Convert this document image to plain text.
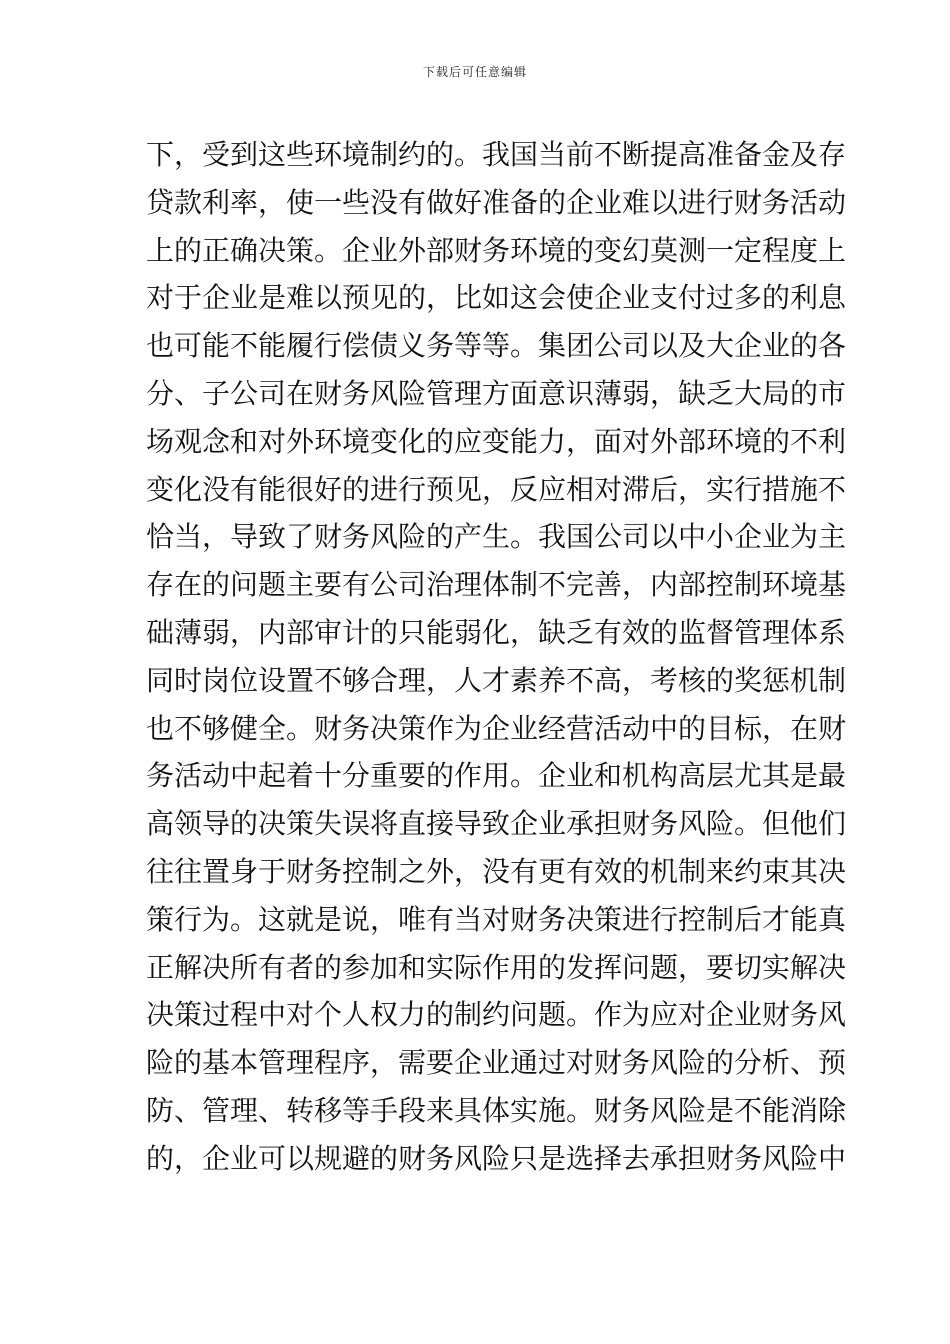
下载后可任意编辑
下，受到这些环境制约的。我国当前不断提高准备金及存
贷款利率，使一些没有做好准备的企业难以进行财务活动
上的正确决策。企业外部财务环境的变幻莫测一定程度上
对于企业是难以预见的，比如这会使企业支付过多的利息
也可能不能履行偿债义务等等。集团公司以及大企业的各
分、子公司在财务风险管理方面意识薄弱，缺乏大局的市
场观念和对外环境变化的应变能力，面对外部环境的不利
变化没有能很好的进行预见，反应相对滞后，实行措施不
恰当，导致了财务风险的产生。我国公司以中小企业为主
存在的问题主要有公司治理体制不完善，内部控制环境基
础薄弱，内部审计的只能弱化，缺乏有效的监督管理体系
同时岗位设置不够合理，人才素养不高，考核的奖惩机制
也不够健全。财务决策作为企业经营活动中的目标，在财
务活动中起着十分重要的作用。企业和机构高层尤其是最
高领导的决策失误将直接导致企业承担财务风险。但他们
往往置身于财务控制之外，没有更有效的机制来约束其决
策行为。这就是说，唯有当对财务决策进行控制后才能真
正解决所有者的参加和实际作用的发挥问题，要切实解决
决策过程中对个人权力的制约问题。作为应对企业财务风
险的基本管理程序，需要企业通过对财务风险的分析、预
防、管理、转移等手段来具体实施。财务风险是不能消除
的，企业可以规避的财务风险只是选择去承担财务风险中
